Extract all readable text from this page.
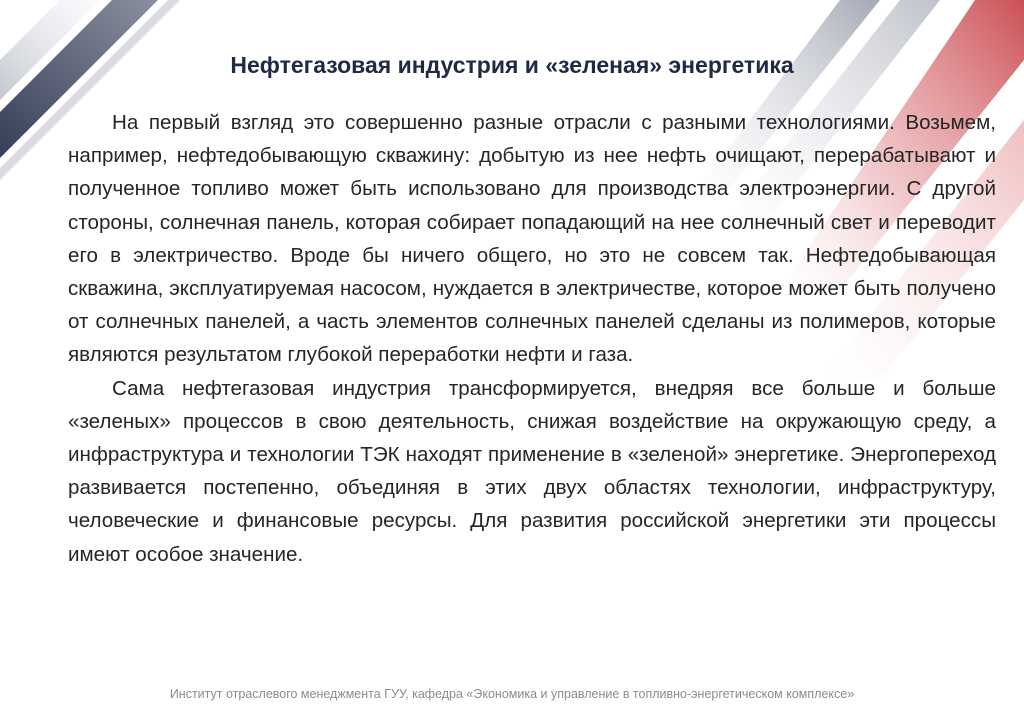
Нефтегазовая индустрия и «зеленая» энергетика

На первый взгляд это совершенно разные отрасли с разными технологиями. Возьмем, например, нефтедобывающую скважину: добытую из нее нефть очищают, перерабатывают и полученное топливо может быть использовано для производства электроэнергии. С другой стороны, солнечная панель, которая собирает попадающий на нее солнечный свет и переводит его в электричество. Вроде бы ничего общего, но это не совсем так. Нефтедобывающая скважина, эксплуатируемая насосом, нуждается в электричестве, которое может быть получено от солнечных панелей, а часть элементов солнечных панелей сделаны из полимеров, которые являются результатом глубокой переработки нефти и газа.

Сама нефтегазовая индустрия трансформируется, внедряя все больше и больше «зеленых» процессов в свою деятельность, снижая воздействие на окружающую среду, а инфраструктура и технологии ТЭК находят применение в «зеленой» энергетике. Энергопереход развивается постепенно, объединяя в этих двух областях технологии, инфраструктуру, человеческие и финансовые ресурсы. Для развития российской энергетики эти процессы имеют особое значение.

Институт отраслевого менеджмента ГУУ, кафедра «Экономика и управление в топливно-энергетическом комплексе»
